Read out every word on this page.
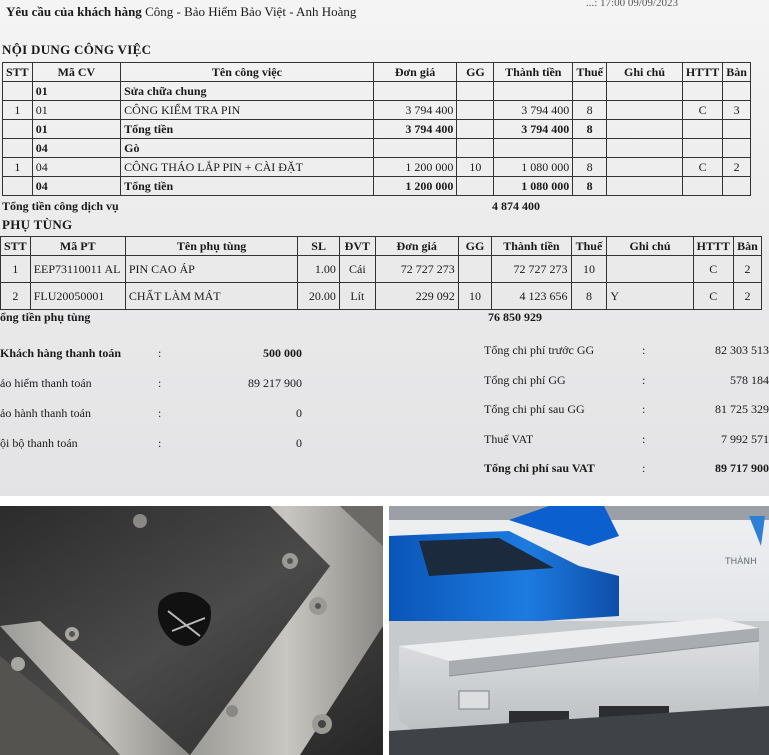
Yêu cầu của khách hàng Công - Bảo Hiểm Bảo Việt - Anh Hoàng
...: 17:00 09/09/2023
NỘI DUNG CÔNG VIỆC
STT	Mã CV	Tên công việc	Đơn giá	GG	Thành tiền	Thuế	Ghi chú	HTTT	Bàn
	01	Sửa chữa chung							
1	01	CÔNG KIỂM TRA PIN	3 794 400		3 794 400	8		C	3
	01	Tổng tiền	3 794 400		3 794 400	8			
	04	Gò							
1	04	CÔNG THÁO LẮP PIN + CÀI ĐẶT	1 200 000	10	1 080 000	8		C	2
	04	Tổng tiền	1 200 000		1 080 000	8			
Tổng tiền công dịch vụ	4 874 400
PHỤ TÙNG
STT	Mã PT	Tên phụ tùng	SL	ĐVT	Đơn giá	GG	Thành tiền	Thuế	Ghi chú	HTTT	Bàn
1	EEP73110011 AL	PIN CAO ÁP	1.00	Cái	72 727 273		72 727 273	10		C	2
2	FLU20050001	CHẤT LÀM MÁT	20.00	Lít	229 092	10	4 123 656	8	Y	C	2
ổng tiền phụ tùng	76 850 929
Khách hàng thanh toán	:	500 000
ảo hiểm thanh toán	:	89 217 900
ảo hành thanh toán	:	0
ội bộ thanh toán	:	0
Tổng chi phí trước GG	:	82 303 513
Tổng chi phí GG	:	578 184
Tổng chi phí sau GG	:	81 725 329
Thuế VAT	:	7 992 571
Tổng chi phí sau VAT	:	89 717 900
THÀNH
